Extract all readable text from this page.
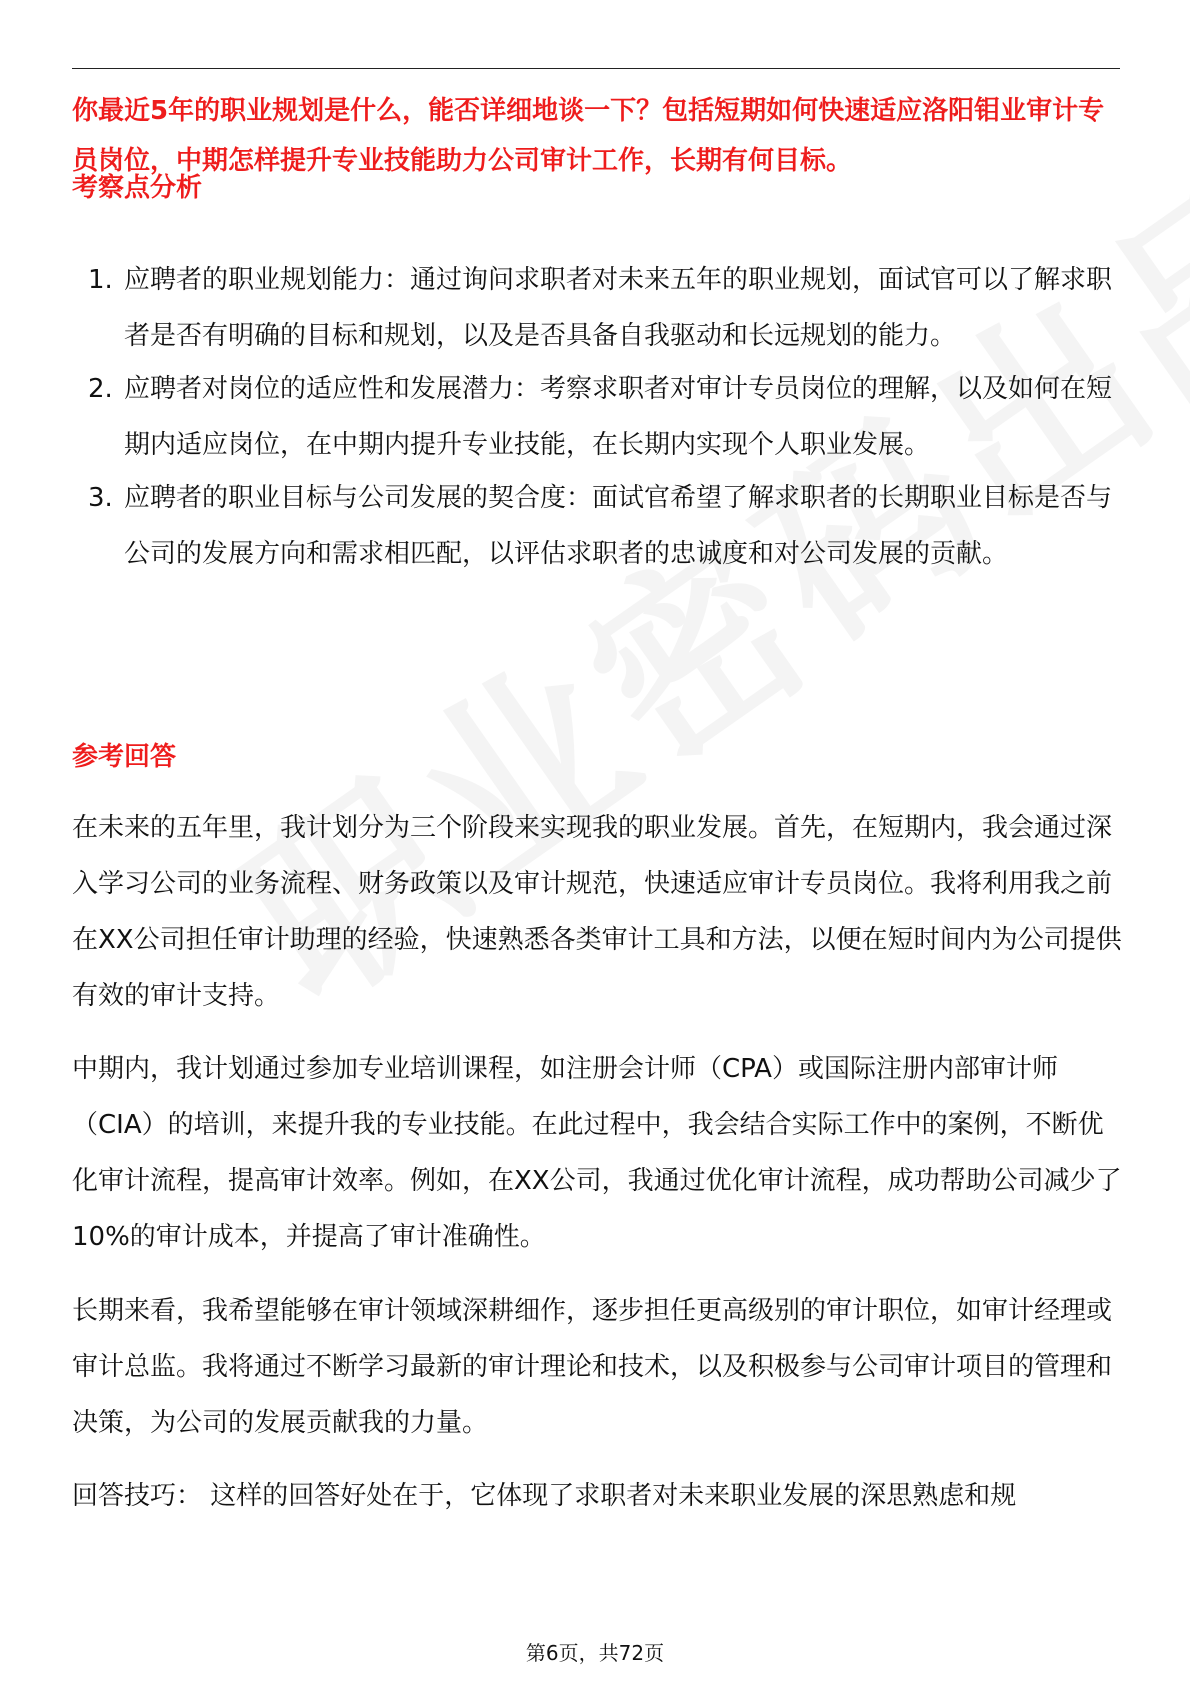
你最近5年的职业规划是什么，能否详细地谈一下？包括短期如何快速适应洛阳钼业审计专员岗位，中期怎样提升专业技能助力公司审计工作，长期有何目标。

考察点分析
1. 应聘者的职业规划能力：通过询问求职者对未来五年的职业规划，面试官可以了解求职者是否有明确的目标和规划，以及是否具备自我驱动和长远规划的能力。
2. 应聘者对岗位的适应性和发展潜力：考察求职者对审计专员岗位的理解，以及如何在短期内适应岗位，在中期内提升专业技能，在长期内实现个人职业发展。
3. 应聘者的职业目标与公司发展的契合度：面试官希望了解求职者的长期职业目标是否与公司的发展方向和需求相匹配，以评估求职者的忠诚度和对公司发展的贡献。
参考回答

在未来的五年里，我计划分为三个阶段来实现我的职业发展。首先，在短期内，我会通过深入学习公司的业务流程、财务政策以及审计规范，快速适应审计专员岗位。我将利用我之前在XX公司担任审计助理的经验，快速熟悉各类审计工具和方法，以便在短时间内为公司提供有效的审计支持。

中期内，我计划通过参加专业培训课程，如注册会计师（CPA）或国际注册内部审计师（CIA）的培训，来提升我的专业技能。在此过程中，我会结合实际工作中的案例，不断优化审计流程，提高审计效率。例如，在XX公司，我通过优化审计流程，成功帮助公司减少了10%的审计成本，并提高了审计准确性。

长期来看，我希望能够在审计领域深耕细作，逐步担任更高级别的审计职位，如审计经理或审计总监。我将通过不断学习最新的审计理论和技术，以及积极参与公司审计项目的管理和决策，为公司的发展贡献我的力量。

回答技巧： 这样的回答好处在于，它体现了求职者对未来职业发展的深思熟虑和规

第6页，共72页
